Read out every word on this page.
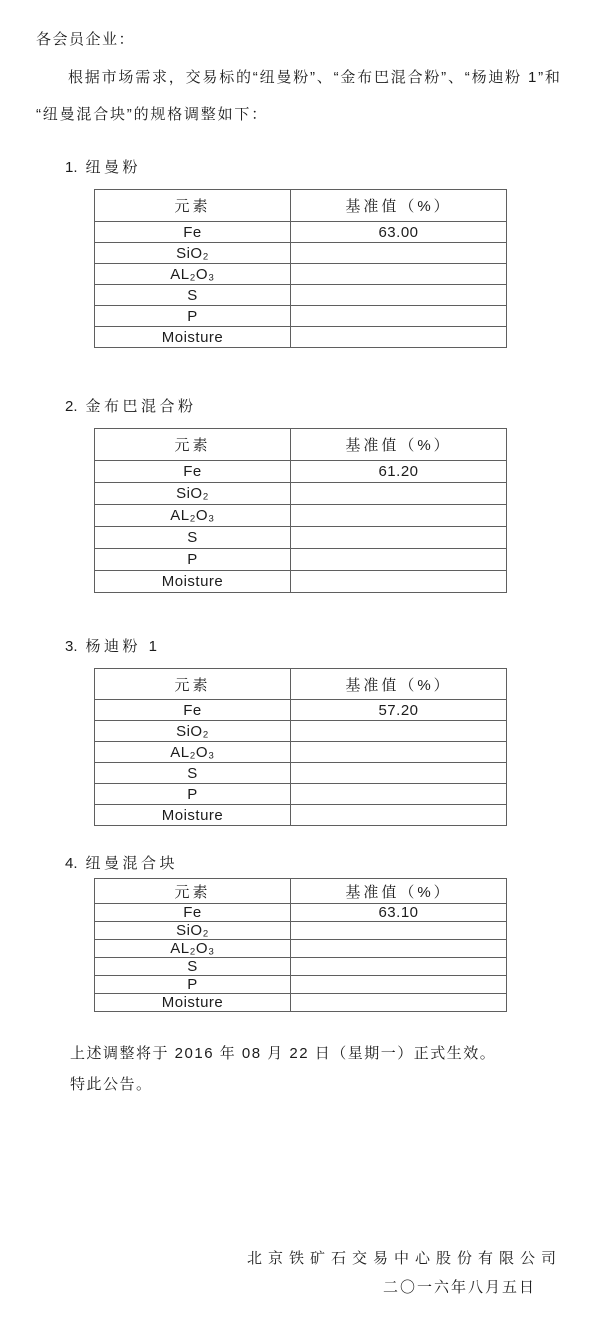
各会员企业：
根据市场需求，交易标的“纽曼粉”、“金布巴混合粉”、“杨迪粉 1”和
“纽曼混合块”的规格调整如下：
1. 纽曼粉
元素	基准值（%）
Fe	63.00
SiO₂	
AL₂O₃	
S	
P	
Moisture	
2. 金布巴混合粉
元素	基准值（%）
Fe	61.20
SiO₂	
AL₂O₃	
S	
P	
Moisture	
3. 杨迪粉 1
元素	基准值（%）
Fe	57.20
SiO₂	
AL₂O₃	
S	
P	
Moisture	
4. 纽曼混合块
元素	基准值（%）
Fe	63.10
SiO₂	
AL₂O₃	
S	
P	
Moisture	
上述调整将于 2016 年 08 月 22 日（星期一）正式生效。
特此公告。
北京铁矿石交易中心股份有限公司
二〇一六年八月五日
